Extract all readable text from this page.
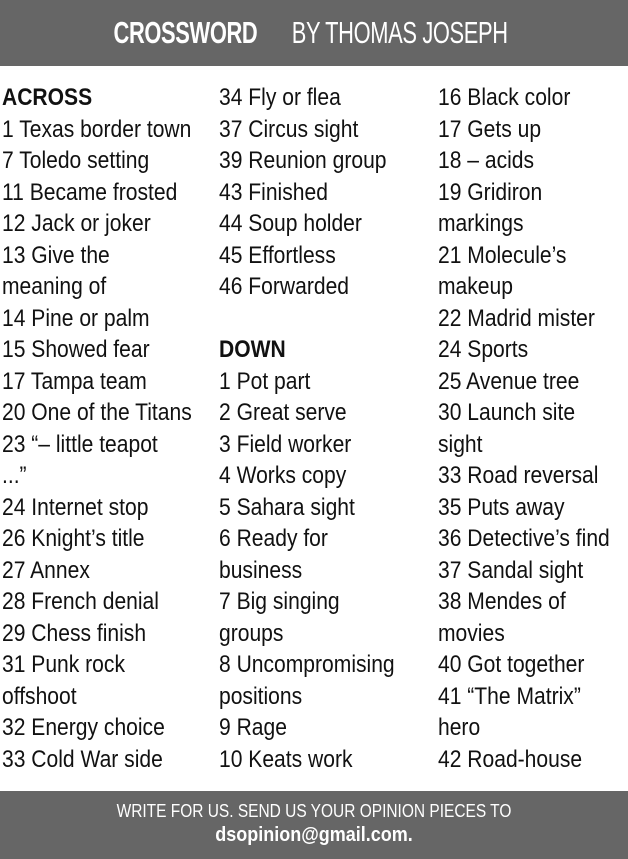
CROSSWORDBY THOMAS JOSEPH
ACROSS
1 Texas border town
7 Toledo setting
11 Became frosted
12 Jack or joker
13 Give the
meaning of
14 Pine or palm
15 Showed fear
17 Tampa team
20 One of the Titans
23 “– little teapot
...”
24 Internet stop
26 Knight’s title
27 Annex
28 French denial
29 Chess finish
31 Punk rock
offshoot
32 Energy choice
33 Cold War side
34 Fly or flea
37 Circus sight
39 Reunion group
43 Finished
44 Soup holder
45 Effortless
46 Forwarded
DOWN
1 Pot part
2 Great serve
3 Field worker
4 Works copy
5 Sahara sight
6 Ready for
business
7 Big singing
groups
8 Uncompromising
positions
9 Rage
10 Keats work
16 Black color
17 Gets up
18 – acids
19 Gridiron
markings
21 Molecule’s
makeup
22 Madrid mister
24 Sports
25 Avenue tree
30 Launch site
sight
33 Road reversal
35 Puts away
36 Detective’s find
37 Sandal sight
38 Mendes of
movies
40 Got together
41 “The Matrix”
hero
42 Road-house
WRITE FOR US. SEND US YOUR OPINION PIECES TO
dsopinion@gmail.com.
